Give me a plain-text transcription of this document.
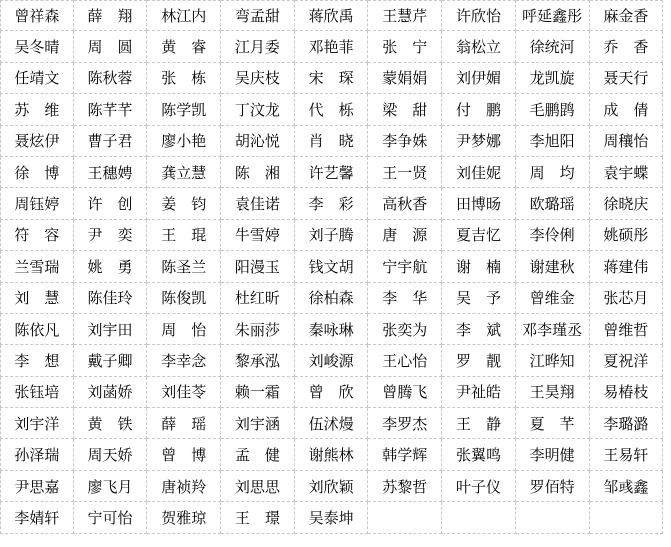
曾祥森	薛　翔	林江内	弯孟甜	蒋欣禹	王慧芹	许欣怡	呼延鑫彤	麻金香
吴冬晴	周　圆	黄　睿	江月委	邓艳菲	张　宁	翁松立	徐统河	乔　香
任靖文	陈秋蓉	张　栋	吴庆枝	宋　琛	蒙娟娟	刘伊媚	龙凯旋	聂天行
苏　维	陈芊芊	陈学凯	丁汶龙	代　栎	梁　甜	付　鹏	毛鹏鹍	成　倩
聂炫伊	曹子君	廖小艳	胡沁悦	肖　晓	李争姝	尹梦娜	李旭阳	周穰怡
徐　博	王穗娉	龚立慧	陈　湘	许艺馨	王一贤	刘佳妮	周　均	袁宇蝶
周钰婷	许　创	姜　钧	袁佳诺	李　彩	高秋香	田博旸	欧璐瑶	徐晓庆
符　容	尹　奕	王　琨	牛雪婷	刘子腾	唐　源	夏吉忆	李伶俐	姚硕彤
兰雪瑞	姚　勇	陈圣兰	阳漫玉	钱文胡	宁宇航	谢　楠	谢建秋	蒋建伟
刘　慧	陈佳玲	陈俊凯	杜红昕	徐柏森	李　华	吴　予	曾维金	张芯月
陈依凡	刘宇田	周　怡	朱丽莎	秦咏琳	张奕为	李　斌	邓李瑾丞	曾维哲
李　想	戴子卿	李幸念	黎承泓	刘峻源	王心怡	罗　靓	江晔知	夏祝洋
张钰培	刘菡娇	刘佳苓	赖一霜	曾　欣	曾腾飞	尹祉皓	王昊翔	易椿枝
刘宇洋	黄　铁	薛　瑶	刘宇涵	伍沭熳	李罗杰	王　静	夏　芊	李璐潞
孙泽瑞	周天娇	曾　博	孟　健	谢熊林	韩学辉	张翼鸣	李明健	王易轩
尹思嘉	廖飞月	唐祯羚	刘思思	刘欣颖	苏黎哲	叶子仪	罗佰特	邹彧鑫
李婧轩	宁可怡	贺雅琼	王　璟	吴泰坤
